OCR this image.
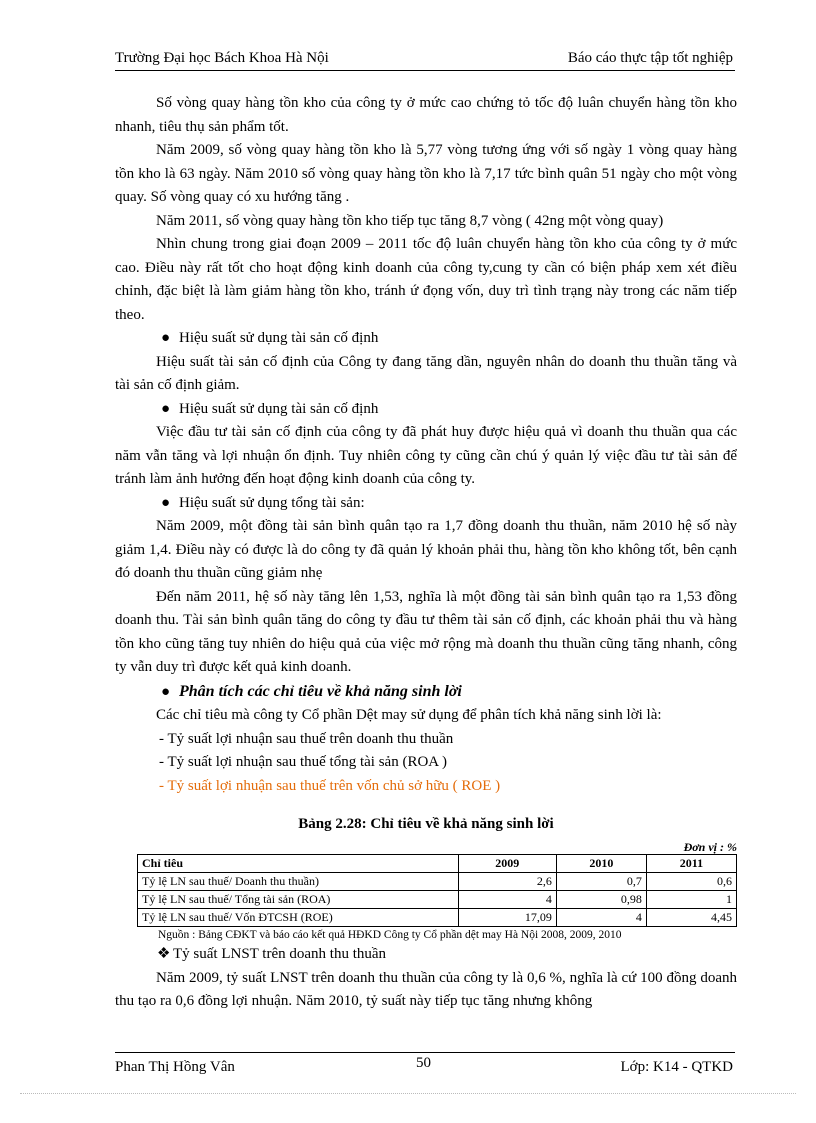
Trường Đại học Bách Khoa Hà Nội	Báo cáo thực tập tốt nghiệp

Số vòng quay hàng tồn kho của công ty ở mức cao chứng tỏ tốc độ luân chuyển hàng tồn kho nhanh, tiêu thụ sản phẩm tốt.

Năm 2009, số vòng quay hàng tồn kho là 5,77 vòng tương ứng với số ngày 1 vòng quay hàng tồn kho là 63 ngày. Năm 2010 số vòng quay hàng tồn kho là 7,17 tức bình quân 51 ngày cho một vòng quay. Số vòng quay có xu hướng tăng .

Năm 2011, số vòng quay hàng tồn kho tiếp tục tăng 8,7 vòng ( 42ng một vòng quay)

Nhìn chung trong giai đoạn 2009 – 2011 tốc độ luân chuyển hàng tồn kho của công ty ở mức cao. Điều này rất tốt cho hoạt động kinh doanh của công ty,cung ty cần có biện pháp xem xét điều chỉnh, đặc biệt là làm giảm hàng tồn kho, tránh ứ đọng vốn, duy trì tình trạng này trong các năm tiếp theo.

● Hiệu suất sử dụng tài sản cố định

Hiệu suất tài sản cố định của Công ty đang tăng dần, nguyên nhân do doanh thu thuần tăng và tài sản cố định giảm.

● Hiệu suất sử dụng tài sản cố định

Việc đầu tư tài sản cố định của công ty đã phát huy được hiệu quả vì doanh thu thuần qua các năm vẫn tăng và lợi nhuận ổn định. Tuy nhiên công ty cũng cần chú ý quản lý việc đầu tư tài sản để tránh làm ảnh hưởng đến hoạt động kinh doanh của công ty.

● Hiệu suất sử dụng tổng tài sản:

Năm 2009, một đồng tài sản bình quân tạo ra 1,7 đồng doanh thu thuần, năm 2010 hệ số này giảm 1,4. Điều này có được là do công ty đã quản lý khoản phải thu, hàng tồn kho không tốt, bên cạnh đó doanh thu thuần cũng giảm nhẹ

Đến năm 2011, hệ số này tăng lên 1,53, nghĩa là một đồng tài sản bình quân tạo ra 1,53 đồng doanh thu. Tài sản bình quân tăng do công ty đầu tư thêm tài sản cố định, các khoản phải thu và hàng tồn kho cũng tăng tuy nhiên do hiệu quả của việc mở rộng mà doanh thu thuần cũng tăng nhanh, công ty vẫn duy trì được kết quả kinh doanh.

● Phân tích các chỉ tiêu về khả năng sinh lời

Các chỉ tiêu mà công ty Cổ phần Dệt may sử dụng để phân tích khả năng sinh lời là:

- Tỷ suất lợi nhuận sau thuế trên doanh thu thuần

- Tỷ suất lợi nhuận sau thuế tổng tài sản (ROA )

- Tỷ suất lợi nhuận sau thuế trên vốn chủ sở hữu ( ROE )

Bảng 2.28: Chỉ tiêu về khả năng sinh lời
Đơn vị : %
Chỉ tiêu	2009	2010	2011
Tỷ lệ LN sau thuế/ Doanh thu thuần)	2,6	0,7	0,6
Tỷ lệ LN sau thuế/ Tổng tài sản (ROA)	4	0,98	1
Tỷ lệ LN sau thuế/ Vốn ĐTCSH (ROE)	17,09	4	4,45
Nguồn : Bảng CĐKT và báo cáo kết quả HĐKD Công ty Cổ phần dệt may Hà Nội 2008, 2009, 2010

❖ Tỷ suất LNST trên doanh thu thuần

Năm 2009, tỷ suất LNST trên doanh thu thuần của công ty là 0,6 %, nghĩa là cứ 100 đồng doanh thu tạo ra 0,6 đồng lợi nhuận. Năm 2010, tỷ suất này tiếp tục tăng nhưng không

Phan Thị Hồng Vân	50	Lớp: K14 - QTKD
